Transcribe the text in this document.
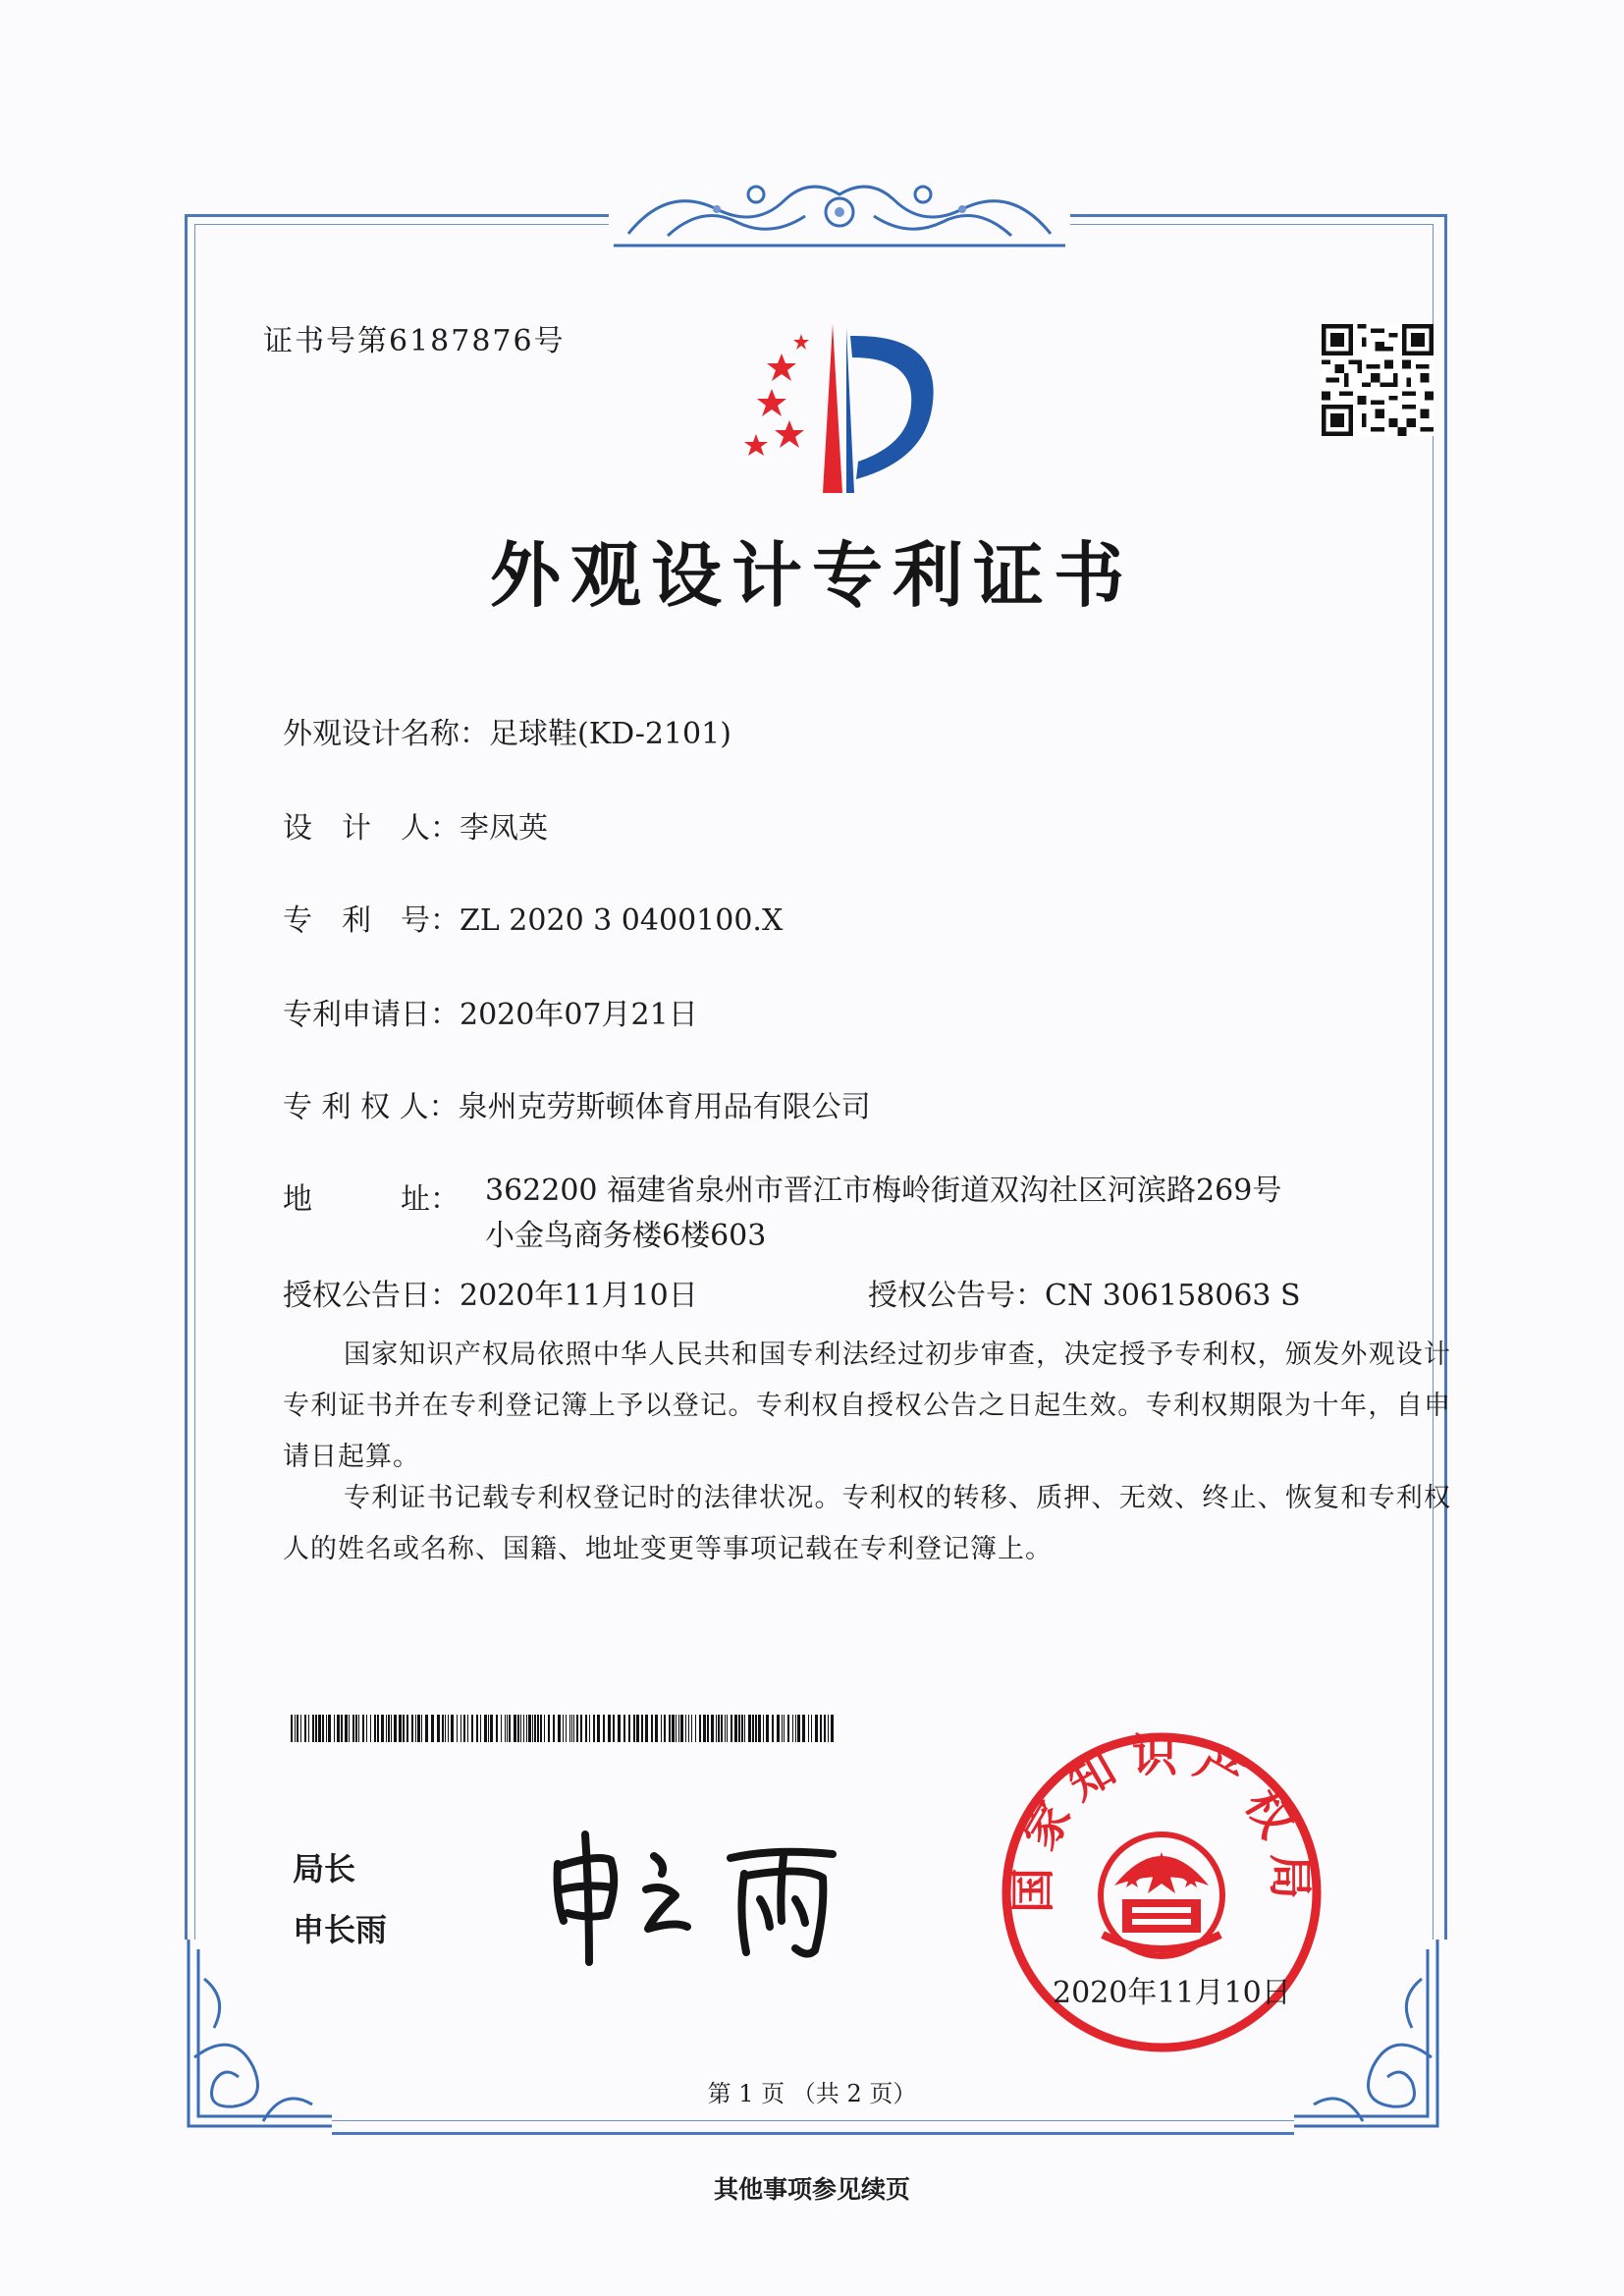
证书号第6187876号
外观设计专利证书
外观设计名称：足球鞋(KD-2101)
设　计　人：李凤英
专　利　号：ZL 2020 3 0400100.X
专利申请日：2020年07月21日
专 利 权 人：泉州克劳斯顿体育用品有限公司
地　　　址： 362200 福建省泉州市晋江市梅岭街道双沟社区河滨路269号小金鸟商务楼6楼603
授权公告日：2020年11月10日	授权公告号：CN 306158063 S
国家知识产权局依照中华人民共和国专利法经过初步审查，决定授予专利权，颁发外观设计专利证书并在专利登记簿上予以登记。专利权自授权公告之日起生效。专利权期限为十年，自申请日起算。
专利证书记载专利权登记时的法律状况。专利权的转移、质押、无效、终止、恢复和专利权人的姓名或名称、国籍、地址变更等事项记载在专利登记簿上。
局长
申长雨
国家知识产权局
2020年11月10日
第 1 页 （共 2 页）
其他事项参见续页
